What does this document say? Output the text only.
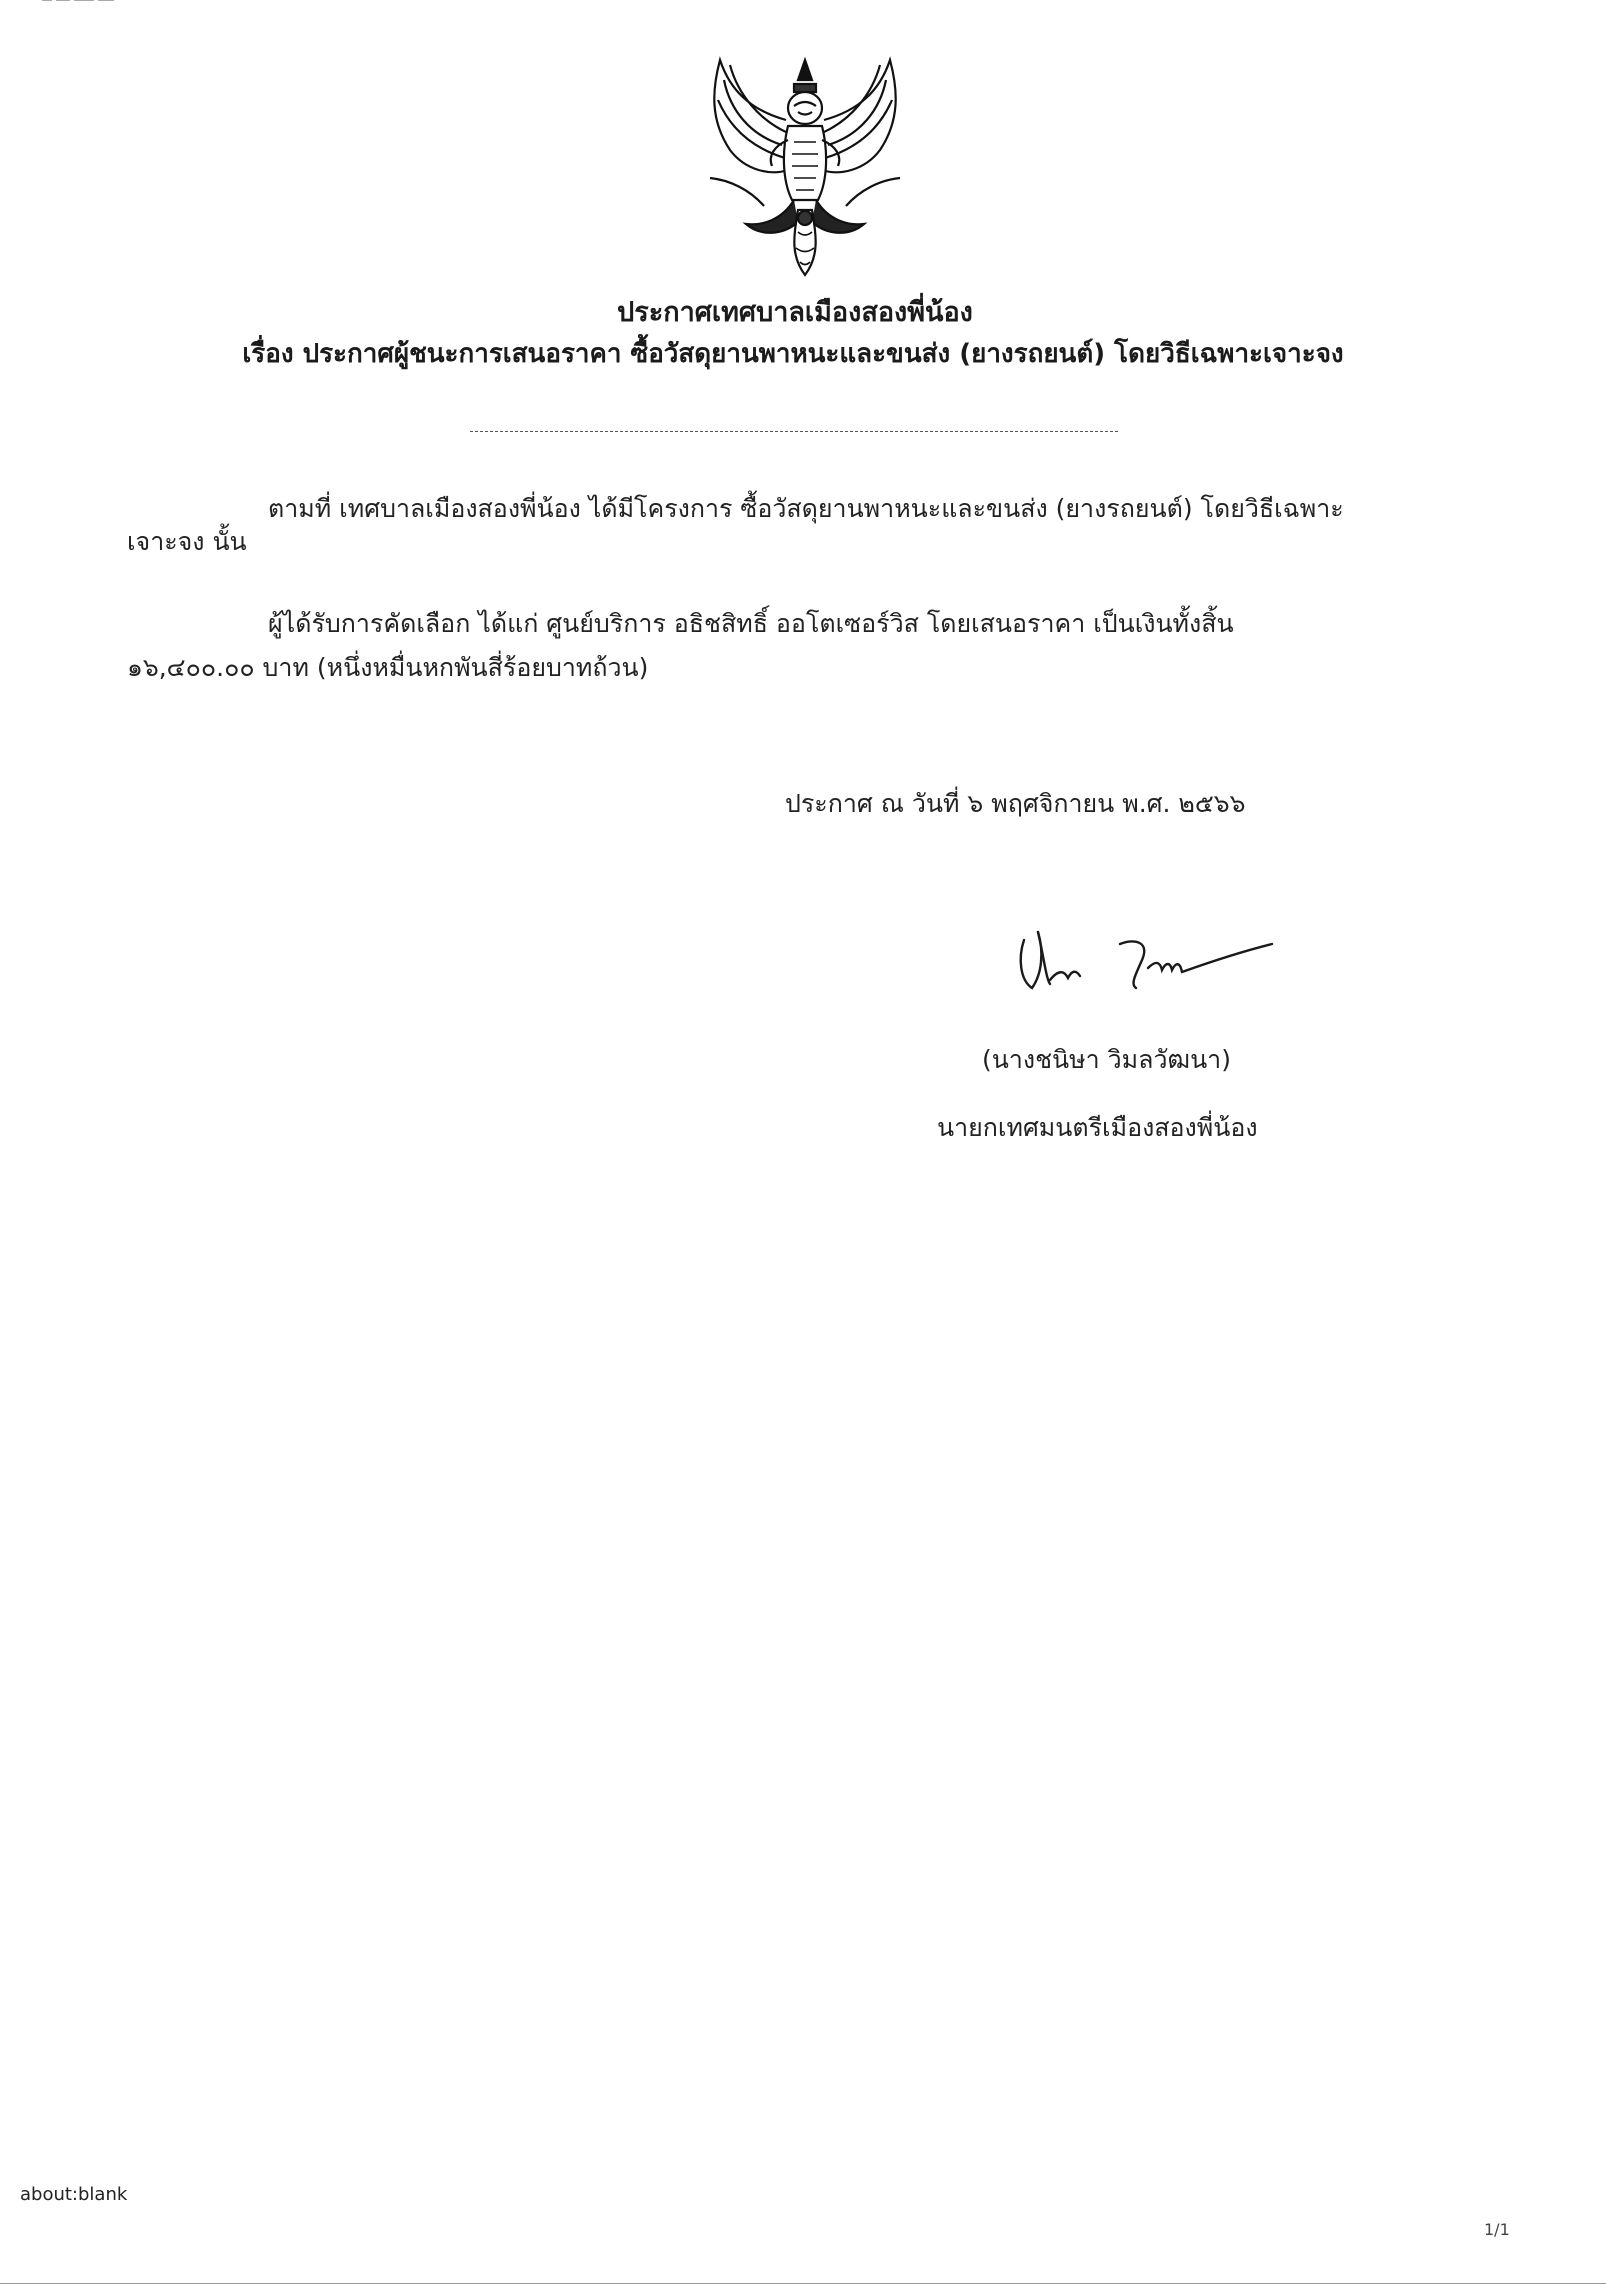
ประกาศเทศบาลเมืองสองพี่น้อง
เรื่อง ประกาศผู้ชนะการเสนอราคา ซื้อวัสดุยานพาหนะและขนส่ง (ยางรถยนต์) โดยวิธีเฉพาะเจาะจง
ตามที่ เทศบาลเมืองสองพี่น้อง ได้มีโครงการ ซื้อวัสดุยานพาหนะและขนส่ง (ยางรถยนต์) โดยวิธีเฉพาะ
เจาะจง นั้น
ผู้ได้รับการคัดเลือก ได้แก่ ศูนย์บริการ อธิชสิทธิ์ ออโตเซอร์วิส โดยเสนอราคา เป็นเงินทั้งสิ้น
๑๖,๔๐๐.๐๐ บาท (หนึ่งหมื่นหกพันสี่ร้อยบาทถ้วน)
ประกาศ ณ วันที่ ๖ พฤศจิกายน พ.ศ. ๒๕๖๖
(นางชนิษา วิมลวัฒนา)
นายกเทศมนตรีเมืองสองพี่น้อง
about:blank
1/1
